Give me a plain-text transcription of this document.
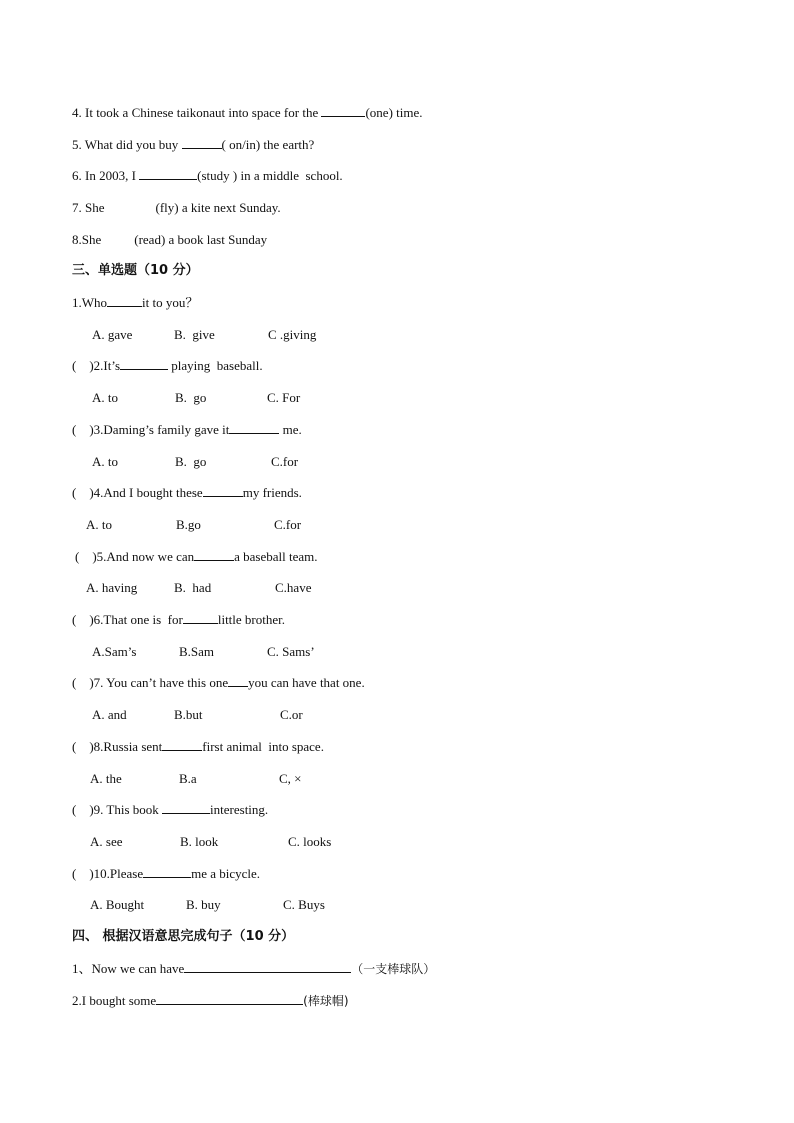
4. It took a Chinese taikonaut into space for the	(one) time.
5. What did you buy	( on/in) the earth?
6. In 2003, I	(study ) in a middle  school.
7. She	(fly) a kite next Sunday.
8.She	(read) a book last Sunday
三、单选题（10 分）
1.Who	it to you？
A. gave	B.  give	C .giving
(    )2.It’s	playing  baseball.
A. to	B.  go	C. For
(    )3.Daming’s family gave it	me.
A. to	B.  go	C.for
(    )4.And I bought these	my friends.
A. to	B.go	C.for
(    )5.And now we can	a baseball team.
A. having	B.  had	C.have
(    )6.That one is  for	little brother.
A.Sam’s	B.Sam	C. Sams’
(    )7. You can’t have this one you can have that one.
A. and	B.but	C.or
(    )8.Russia sent	first animal  into space.
A. the	B.a	C, ×
(    )9. This book	interesting.
A. see	B. look	C. looks
(    )10.Please	me a bicycle.
A. Bought	B. buy	C. Buys
四、 根据汉语意思完成句子（10 分）
1、Now we can have	（一支棒球队）
2.I bought some	(棒球帽)
